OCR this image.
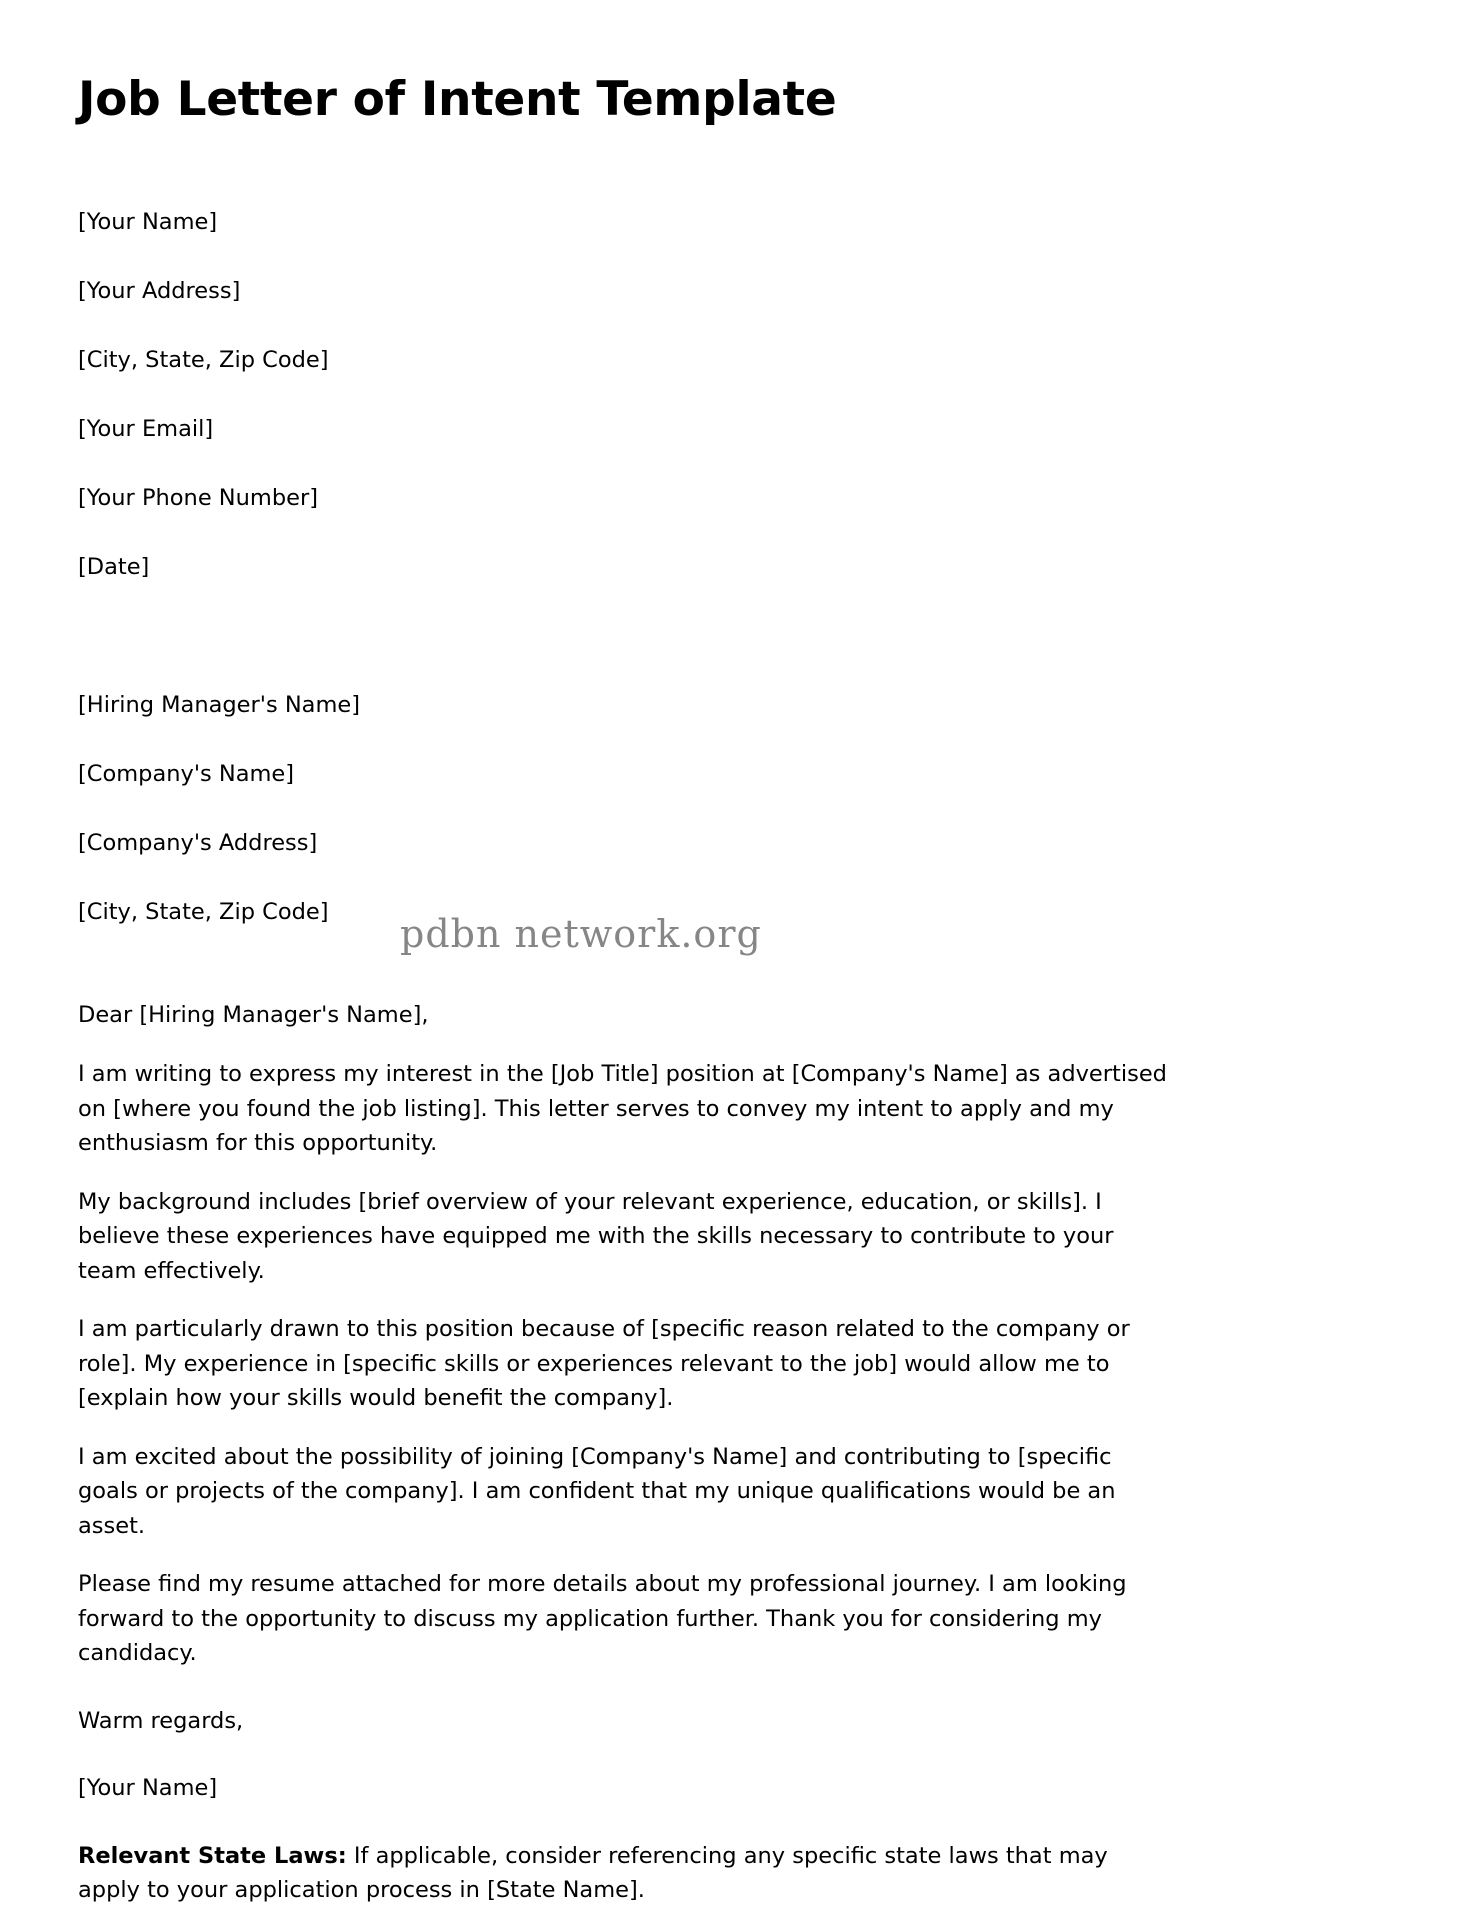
Job Letter of Intent Template

[Your Name]

[Your Address]

[City, State, Zip Code]

[Your Email]

[Your Phone Number]

[Date]

[Hiring Manager's Name]

[Company's Name]

[Company's Address]

[City, State, Zip Code]

Dear [Hiring Manager's Name],

I am writing to express my interest in the [Job Title] position at [Company's Name] as advertised on [where you found the job listing]. This letter serves to convey my intent to apply and my enthusiasm for this opportunity.

My background includes [brief overview of your relevant experience, education, or skills]. I believe these experiences have equipped me with the skills necessary to contribute to your team effectively.

I am particularly drawn to this position because of [specific reason related to the company or role]. My experience in [specific skills or experiences relevant to the job] would allow me to [explain how your skills would benefit the company].

I am excited about the possibility of joining [Company's Name] and contributing to [specific goals or projects of the company]. I am confident that my unique qualifications would be an asset.

Please find my resume attached for more details about my professional journey. I am looking forward to the opportunity to discuss my application further. Thank you for considering my candidacy.

Warm regards,

[Your Name]

Relevant State Laws: If applicable, consider referencing any specific state laws that may apply to your application process in [State Name].

pdbn network.org
